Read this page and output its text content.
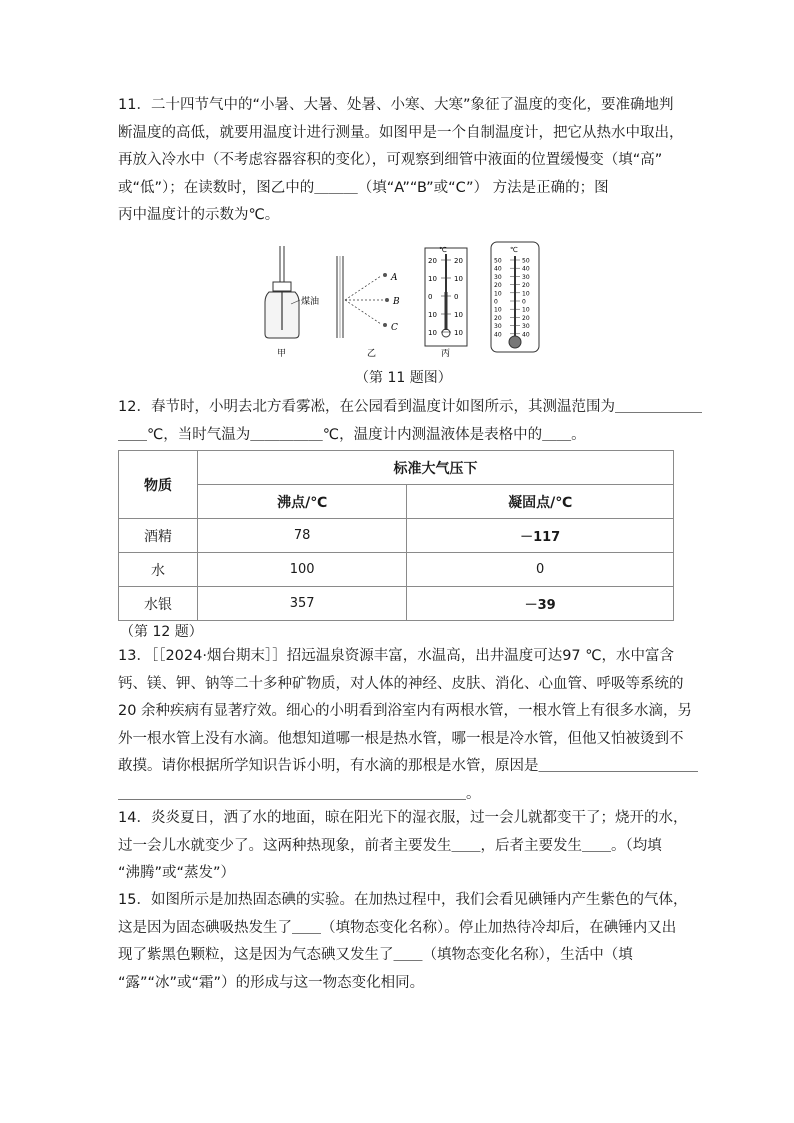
11．二十四节气中的“小暑、大暑、处暑、小寒、大寒”象征了温度的变化，要准确地判
断温度的高低，就要用温度计进行测量。如图甲是一个自制温度计，把它从热水中取出，
再放入冷水中（不考虑容器容积的变化），可观察到细管中液面的位置缓慢变（填“高”
或“低”）；在读数时，图乙中的＿＿＿（填“A”“B”或“C”） 方法是正确的；图
丙中温度计的示数为℃。
煤油
甲
A
B
C
乙
℃
20 20
10 10
0	0
10 10
10 10
丙
℃
50	50
40	40
30	30
20	20
10	10
0	0
10	10
20	20
30	30
40	40
（第 11 题图）
12．春节时，小明去北方看雾凇，在公园看到温度计如图所示，其测温范围为＿＿＿＿＿＿
＿＿℃，当时气温为＿＿＿＿＿℃，温度计内测温液体是表格中的＿＿。
物质	标准大气压下	
	沸点/℃	凝固点/℃
酒精	78	－117
水	100	0
水银	357	－39
（第 12 题）
13．［［2024·烟台期末］］招远温泉资源丰富，水温高，出井温度可达97 ℃，水中富含
钙、镁、钾、钠等二十多种矿物质，对人体的神经、皮肤、消化、心血管、呼吸等系统的
20 余种疾病有显著疗效。细心的小明看到浴室内有两根水管，一根水管上有很多水滴，另
外一根水管上没有水滴。他想知道哪一根是热水管，哪一根是冷水管，但他又怕被烫到不
敢摸。请你根据所学知识告诉小明，有水滴的那根是水管，原因是＿＿＿＿＿＿＿＿＿＿＿
＿＿＿＿＿＿＿＿＿＿＿＿＿＿＿＿＿＿＿＿＿＿＿＿。
14．炎炎夏日，洒了水的地面，晾在阳光下的湿衣服，过一会儿就都变干了；烧开的水，
过一会儿水就变少了。这两种热现象，前者主要发生＿＿，后者主要发生＿＿。（均填
“沸腾”或“蒸发”）
15．如图所示是加热固态碘的实验。在加热过程中，我们会看见碘锤内产生紫色的气体，
这是因为固态碘吸热发生了＿＿（填物态变化名称）。停止加热待冷却后，在碘锤内又出
现了紫黑色颗粒，这是因为气态碘又发生了＿＿（填物态变化名称），生活中（填
“露”“冰”或“霜”）的形成与这一物态变化相同。
